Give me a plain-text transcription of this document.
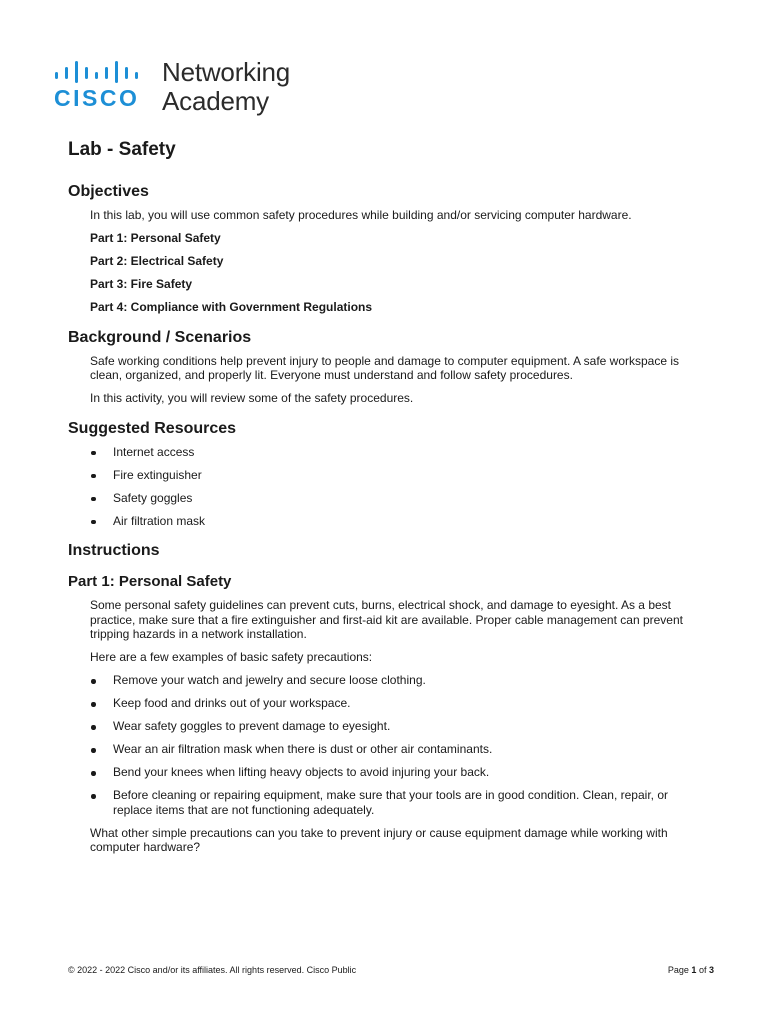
CISCO
Networking
Academy
Lab - Safety
Objectives

In this lab, you will use common safety procedures while building and/or servicing computer hardware.

Part 1: Personal Safety

Part 2: Electrical Safety

Part 3: Fire Safety

Part 4: Compliance with Government Regulations

Background / Scenarios

Safe working conditions help prevent injury to people and damage to computer equipment. A safe workspace is clean, organized, and properly lit. Everyone must understand and follow safety procedures.

In this activity, you will review some of the safety procedures.

Suggested Resources
Internet access
Fire extinguisher
Safety goggles
Air filtration mask
Instructions
Part 1: Personal Safety

Some personal safety guidelines can prevent cuts, burns, electrical shock, and damage to eyesight. As a best practice, make sure that a fire extinguisher and first-aid kit are available. Proper cable management can prevent tripping hazards in a network installation.

Here are a few examples of basic safety precautions:

Remove your watch and jewelry and secure loose clothing.
Keep food and drinks out of your workspace.
Wear safety goggles to prevent damage to eyesight.
Wear an air filtration mask when there is dust or other air contaminants.
Bend your knees when lifting heavy objects to avoid injuring your back.
Before cleaning or repairing equipment, make sure that your tools are in good condition. Clean, repair, or replace items that are not functioning adequately.

What other simple precautions can you take to prevent injury or cause equipment damage while working with computer hardware?

© 2022 - 2022 Cisco and/or its affiliates. All rights reserved. Cisco Public	Page 1 of 3
